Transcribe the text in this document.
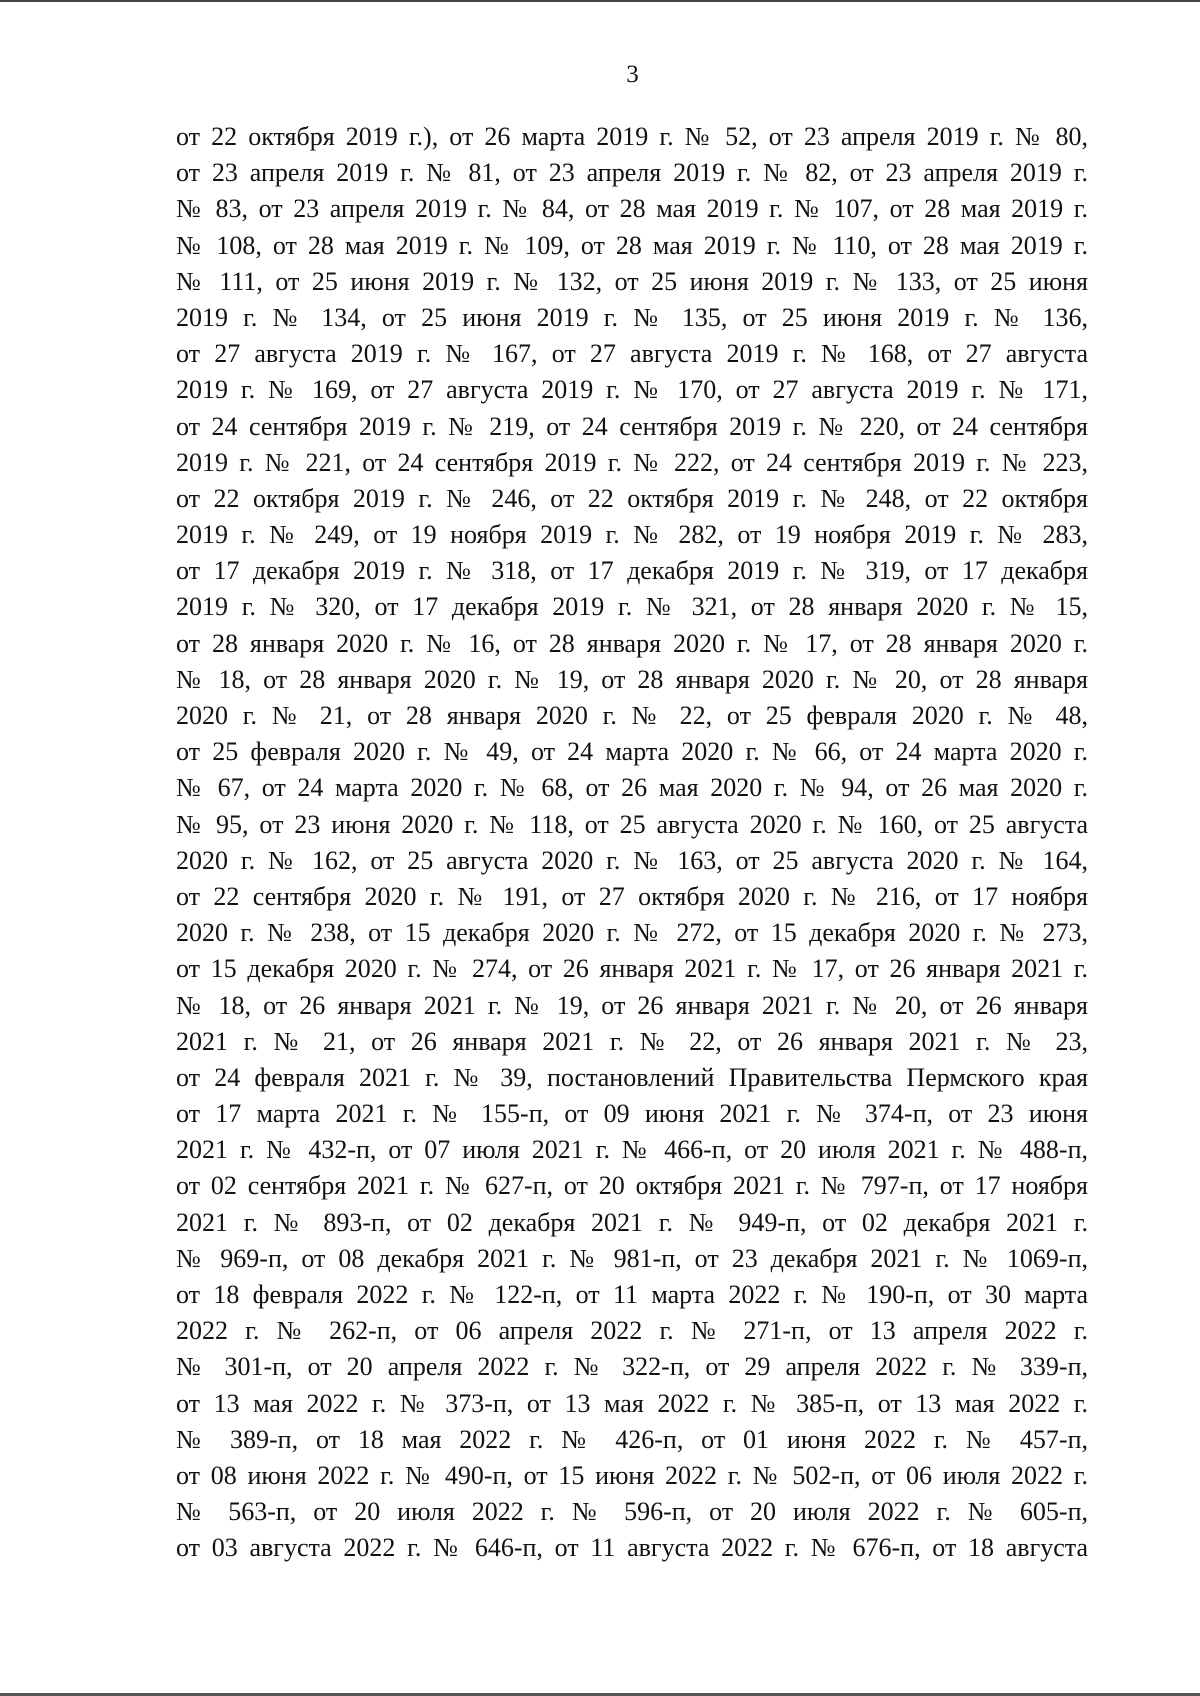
3
от 22 октября 2019 г.), от 26 марта 2019 г. № 52, от 23 апреля 2019 г. № 80,
от 23 апреля 2019 г. № 81, от 23 апреля 2019 г. № 82, от 23 апреля 2019 г.
№ 83, от 23 апреля 2019 г. № 84, от 28 мая 2019 г. № 107, от 28 мая 2019 г.
№ 108, от 28 мая 2019 г. № 109, от 28 мая 2019 г. № 110, от 28 мая 2019 г.
№ 111, от 25 июня 2019 г. № 132, от 25 июня 2019 г. № 133, от 25 июня
2019 г. № 134, от 25 июня 2019 г. № 135, от 25 июня 2019 г. № 136,
от 27 августа 2019 г. № 167, от 27 августа 2019 г. № 168, от 27 августа
2019 г. № 169, от 27 августа 2019 г. № 170, от 27 августа 2019 г. № 171,
от 24 сентября 2019 г. № 219, от 24 сентября 2019 г. № 220, от 24 сентября
2019 г. № 221, от 24 сентября 2019 г. № 222, от 24 сентября 2019 г. № 223,
от 22 октября 2019 г. № 246, от 22 октября 2019 г. № 248, от 22 октября
2019 г. № 249, от 19 ноября 2019 г. № 282, от 19 ноября 2019 г. № 283,
от 17 декабря 2019 г. № 318, от 17 декабря 2019 г. № 319, от 17 декабря
2019 г. № 320, от 17 декабря 2019 г. № 321, от 28 января 2020 г. № 15,
от 28 января 2020 г. № 16, от 28 января 2020 г. № 17, от 28 января 2020 г.
№ 18, от 28 января 2020 г. № 19, от 28 января 2020 г. № 20, от 28 января
2020 г. № 21, от 28 января 2020 г. № 22, от 25 февраля 2020 г. № 48,
от 25 февраля 2020 г. № 49, от 24 марта 2020 г. № 66, от 24 марта 2020 г.
№ 67, от 24 марта 2020 г. № 68, от 26 мая 2020 г. № 94, от 26 мая 2020 г.
№ 95, от 23 июня 2020 г. № 118, от 25 августа 2020 г. № 160, от 25 августа
2020 г. № 162, от 25 августа 2020 г. № 163, от 25 августа 2020 г. № 164,
от 22 сентября 2020 г. № 191, от 27 октября 2020 г. № 216, от 17 ноября
2020 г. № 238, от 15 декабря 2020 г. № 272, от 15 декабря 2020 г. № 273,
от 15 декабря 2020 г. № 274, от 26 января 2021 г. № 17, от 26 января 2021 г.
№ 18, от 26 января 2021 г. № 19, от 26 января 2021 г. № 20, от 26 января
2021 г. № 21, от 26 января 2021 г. № 22, от 26 января 2021 г. № 23,
от 24 февраля 2021 г. № 39, постановлений Правительства Пермского края
от 17 марта 2021 г. № 155-п, от 09 июня 2021 г. № 374-п, от 23 июня
2021 г. № 432-п, от 07 июля 2021 г. № 466-п, от 20 июля 2021 г. № 488-п,
от 02 сентября 2021 г. № 627-п, от 20 октября 2021 г. № 797-п, от 17 ноября
2021 г. № 893-п, от 02 декабря 2021 г. № 949-п, от 02 декабря 2021 г.
№ 969-п, от 08 декабря 2021 г. № 981-п, от 23 декабря 2021 г. № 1069-п,
от 18 февраля 2022 г. № 122-п, от 11 марта 2022 г. № 190-п, от 30 марта
2022 г. № 262-п, от 06 апреля 2022 г. № 271-п, от 13 апреля 2022 г.
№ 301-п, от 20 апреля 2022 г. № 322-п, от 29 апреля 2022 г. № 339-п,
от 13 мая 2022 г. № 373-п, от 13 мая 2022 г. № 385-п, от 13 мая 2022 г.
№ 389-п, от 18 мая 2022 г. № 426-п, от 01 июня 2022 г. № 457-п,
от 08 июня 2022 г. № 490-п, от 15 июня 2022 г. № 502-п, от 06 июля 2022 г.
№ 563-п, от 20 июля 2022 г. № 596-п, от 20 июля 2022 г. № 605-п,
от 03 августа 2022 г. № 646-п, от 11 августа 2022 г. № 676-п, от 18 августа
